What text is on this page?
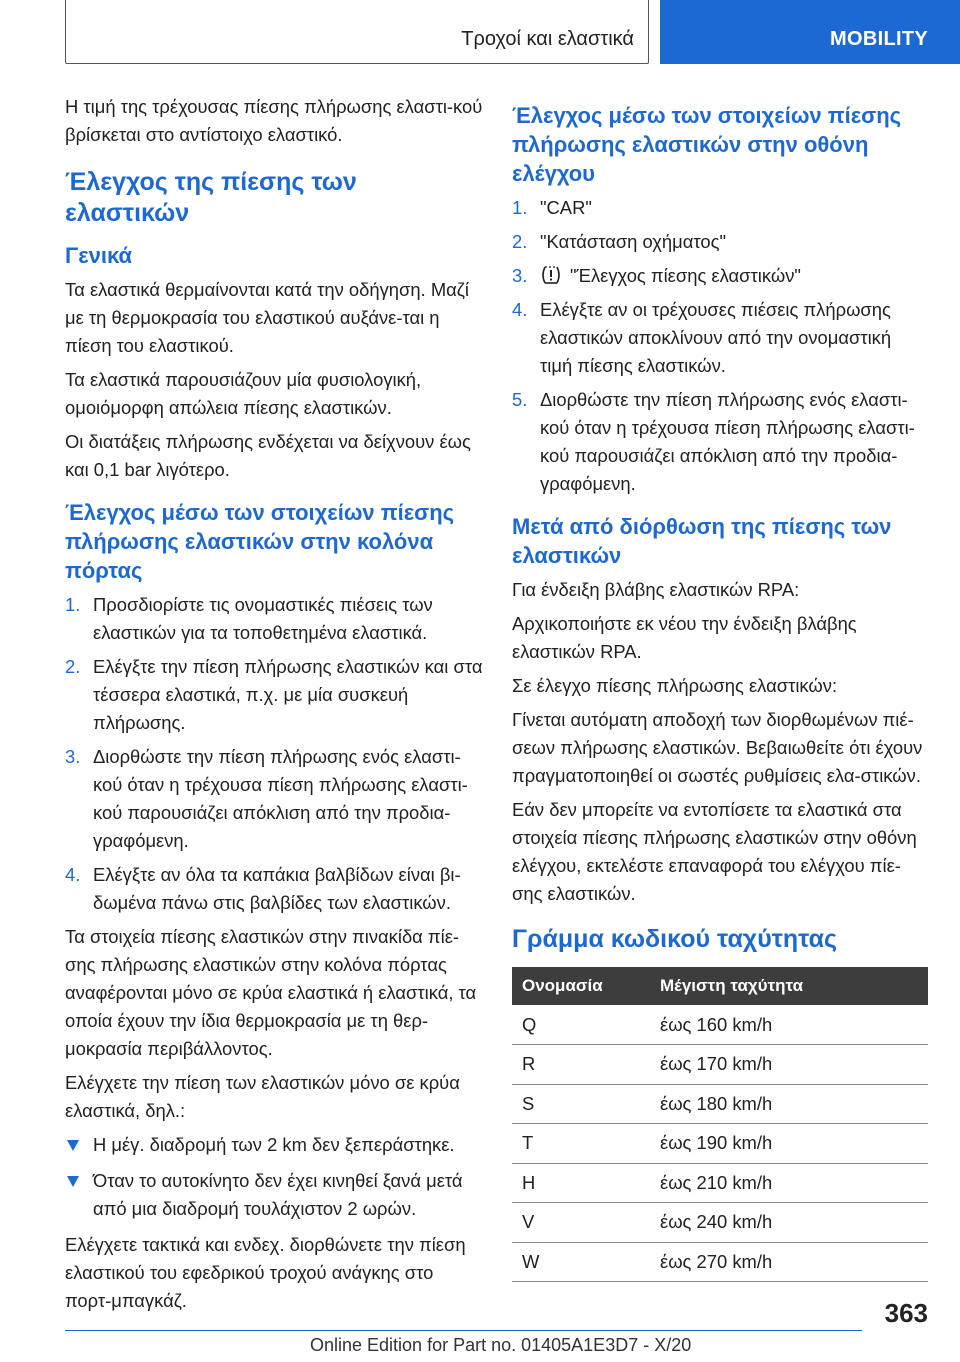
Τροχοί και ελαστικά	MOBILITY

Η τιμή της τρέχουσας πίεσης πλήρωσης ελαστι-κού βρίσκεται στο αντίστοιχο ελαστικό.

Έλεγχος της πίεσης των ελαστικών
Γενικά

Τα ελαστικά θερμαίνονται κατά την οδήγηση. Μαζί με τη θερμοκρασία του ελαστικού αυξάνε-ται η πίεση του ελαστικού.

Τα ελαστικά παρουσιάζουν μία φυσιολογική, ομοιόμορφη απώλεια πίεσης ελαστικών.

Οι διατάξεις πλήρωσης ενδέχεται να δείχνουν έως και 0,1 bar λιγότερο.

Έλεγχος μέσω των στοιχείων πίεσης πλήρωσης ελαστικών στην κολόνα πόρτας
1. Προσδιορίστε τις ονομαστικές πιέσεις των ελαστικών για τα τοποθετημένα ελαστικά.
2. Ελέγξτε την πίεση πλήρωσης ελαστικών και στα τέσσερα ελαστικά, π.χ. με μία συσκευή πλήρωσης.
3. Διορθώστε την πίεση πλήρωσης ενός ελαστι-κού όταν η τρέχουσα πίεση πλήρωσης ελαστι-κού παρουσιάζει απόκλιση από την προδια-γραφόμενη.
4. Ελέγξτε αν όλα τα καπάκια βαλβίδων είναι βι-δωμένα πάνω στις βαλβίδες των ελαστικών.

Τα στοιχεία πίεσης ελαστικών στην πινακίδα πίε-σης πλήρωσης ελαστικών στην κολόνα πόρτας αναφέρονται μόνο σε κρύα ελαστικά ή ελαστικά, τα οποία έχουν την ίδια θερμοκρασία με τη θερ-μοκρασία περιβάλλοντος.

Ελέγχετε την πίεση των ελαστικών μόνο σε κρύα ελαστικά, δηλ.:

Η μέγ. διαδρομή των 2 km δεν ξεπεράστηκε.
Όταν το αυτοκίνητο δεν έχει κινηθεί ξανά μετά από μια διαδρομή τουλάχιστον 2 ωρών.

Ελέγχετε τακτικά και ενδεχ. διορθώνετε την πίεση ελαστικού του εφεδρικού τροχού ανάγκης στο πορτ-μπαγκάζ.

Έλεγχος μέσω των στοιχείων πίεσης πλήρωσης ελαστικών στην οθόνη ελέγχου
1. "CAR"
2. "Κατάσταση οχήματος"
3. "Έλεγχος πίεσης ελαστικών"
4. Ελέγξτε αν οι τρέχουσες πιέσεις πλήρωσης ελαστικών αποκλίνουν από την ονομαστική τιμή πίεσης ελαστικών.
5. Διορθώστε την πίεση πλήρωσης ενός ελαστι-κού όταν η τρέχουσα πίεση πλήρωσης ελαστι-κού παρουσιάζει απόκλιση από την προδια-γραφόμενη.
Μετά από διόρθωση της πίεσης των ελαστικών

Για ένδειξη βλάβης ελαστικών RPA:

Αρχικοποιήστε εκ νέου την ένδειξη βλάβης ελαστικών RPA.

Σε έλεγχο πίεσης πλήρωσης ελαστικών:

Γίνεται αυτόματη αποδοχή των διορθωμένων πιέ-σεων πλήρωσης ελαστικών. Βεβαιωθείτε ότι έχουν πραγματοποιηθεί οι σωστές ρυθμίσεις ελα-στικών.

Εάν δεν μπορείτε να εντοπίσετε τα ελαστικά στα στοιχεία πίεσης πλήρωσης ελαστικών στην οθόνη ελέγχου, εκτελέστε επαναφορά του ελέγχου πίε-σης ελαστικών.

Γράμμα κωδικού ταχύτητας
Ονομασία	Μέγιστη ταχύτητα
Q	έως 160 km/h
R	έως 170 km/h
S	έως 180 km/h
T	έως 190 km/h
H	έως 210 km/h
V	έως 240 km/h
W	έως 270 km/h
363
Online Edition for Part no. 01405A1E3D7 - X/20
